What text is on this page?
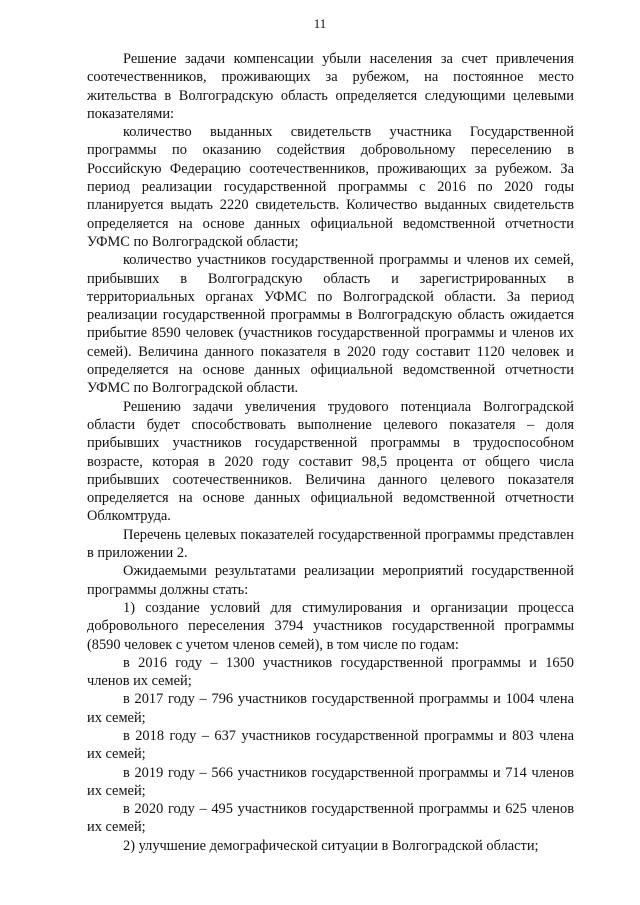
11

Решение задачи компенсации убыли населения за счет привлечения соотечественников, проживающих за рубежом, на постоянное место жительства в Волгоградскую область определяется следующими целевыми показателями:

количество выданных свидетельств участника Государственной программы по оказанию содействия добровольному переселению в Российскую Федерацию соотечественников, проживающих за рубежом. За период реализации государственной программы с 2016 по 2020 годы планируется выдать 2220 свидетельств. Количество выданных свидетельств определяется на основе данных официальной ведомственной отчетности УФМС по Волгоградской области;

количество участников государственной программы и членов их семей, прибывших в Волгоградскую область и зарегистрированных в территориальных органах УФМС по Волгоградской области. За период реализации государственной программы в Волгоградскую область ожидается прибытие 8590 человек (участников государственной программы и членов их семей). Величина данного показателя в 2020 году составит 1120 человек и определяется на основе данных официальной ведомственной отчетности УФМС по Волгоградской области.

Решению задачи увеличения трудового потенциала Волгоградской области будет способствовать выполнение целевого показателя – доля прибывших участников государственной программы в трудоспособном возрасте, которая в 2020 году составит 98,5 процента от общего числа прибывших соотечественников. Величина данного целевого показателя определяется на основе данных официальной ведомственной отчетности Облкомтруда.

Перечень целевых показателей государственной программы представлен в приложении 2.

Ожидаемыми результатами реализации мероприятий государственной программы должны стать:

1) создание условий для стимулирования и организации процесса добровольного переселения 3794 участников государственной программы (8590 человек с учетом членов семей), в том числе по годам:

в 2016 году – 1300 участников государственной программы и 1650 членов их семей;

в 2017 году – 796 участников государственной программы и 1004 члена их семей;

в 2018 году – 637 участников государственной программы и 803 члена их семей;

в 2019 году – 566 участников государственной программы и 714 членов их семей;

в 2020 году – 495 участников государственной программы и 625 членов их семей;

2) улучшение демографической ситуации в Волгоградской области;
